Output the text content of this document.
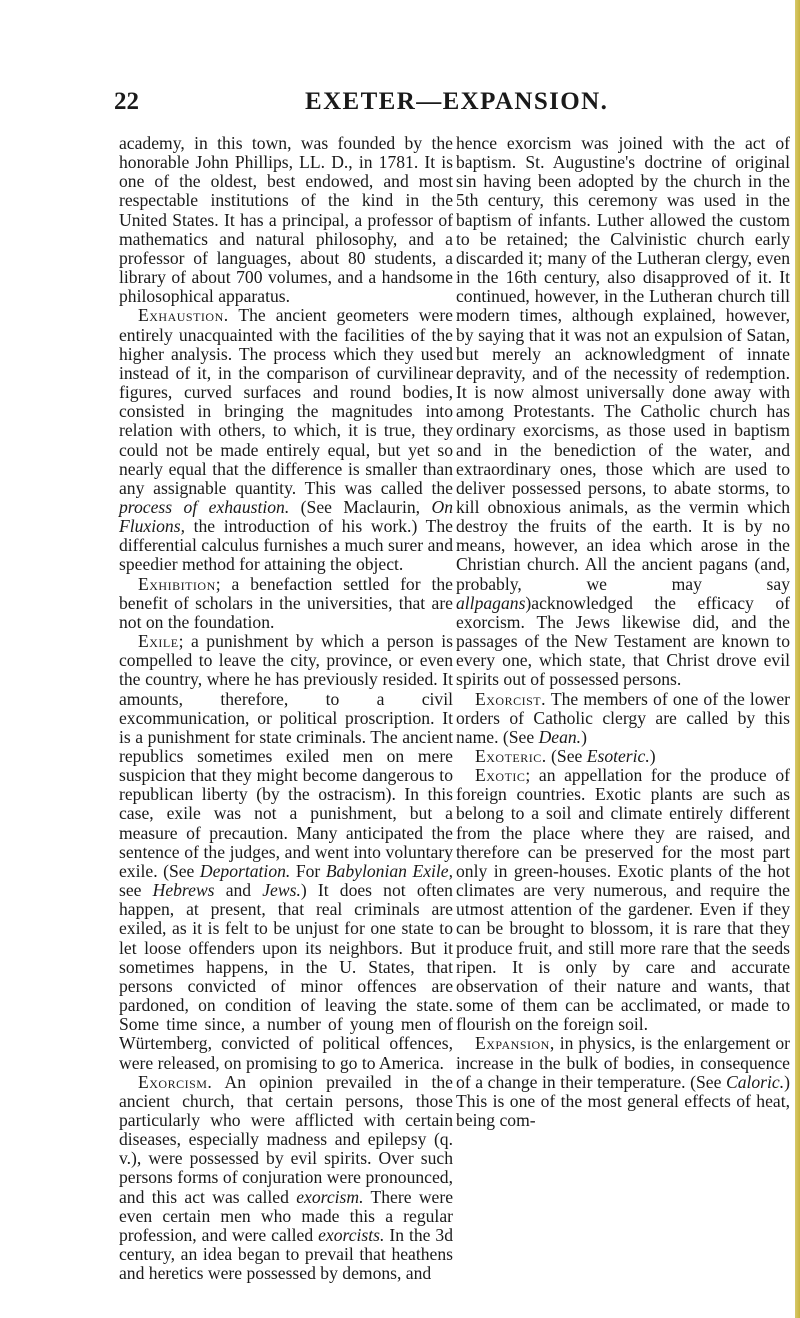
22	EXETER—EXPANSION.

academy, in this town, was founded by the honorable John Phillips, LL. D., in 1781. It is one of the oldest, best endowed, and most respectable institutions of the kind in the United States. It has a principal, a professor of mathematics and natural philosophy, and a professor of languages, about 80 students, a library of about 700 volumes, and a handsome philosophical apparatus.

Exhaustion. The ancient geometers were entirely unacquainted with the facilities of the higher analysis. The process which they used instead of it, in the comparison of curvilinear figures, curved surfaces and round bodies, consisted in bringing the magnitudes into relation with others, to which, it is true, they could not be made entirely equal, but yet so nearly equal that the difference is smaller than any assignable quantity. This was called the process of exhaustion. (See Maclaurin, On Fluxions, the introduction of his work.) The differential calculus furnishes a much surer and speedier method for attaining the object.

Exhibition; a benefaction settled for the benefit of scholars in the universities, that are not on the foundation.

Exile; a punishment by which a person is compelled to leave the city, province, or even the country, where he has previously resided. It amounts, therefore, to a civil excommunication, or political proscription. It is a punishment for state criminals. The ancient republics sometimes exiled men on mere suspicion that they might become dangerous to republican liberty (by the ostracism). In this case, exile was not a punishment, but a measure of precaution. Many anticipated the sentence of the judges, and went into voluntary exile. (See Deportation. For Babylonian Exile, see Hebrews and Jews.) It does not often happen, at present, that real criminals are exiled, as it is felt to be unjust for one state to let loose offenders upon its neighbors. But it sometimes happens, in the U. States, that persons convicted of minor offences are pardoned, on condition of leaving the state. Some time since, a number of young men of Würtemberg, convicted of political offences, were released, on promising to go to America.

Exorcism. An opinion prevailed in the ancient church, that certain persons, those particularly who were afflicted with certain diseases, especially madness and epilepsy (q. v.), were possessed by evil spirits. Over such persons forms of conjuration were pronounced, and this act was called exorcism. There were even certain men who made this a regular profession, and were called exorcists. In the 3d century, an idea began to prevail that heathens and heretics were possessed by demons, and

hence exorcism was joined with the act of baptism. St. Augustine's doctrine of original sin having been adopted by the church in the 5th century, this ceremony was used in the baptism of infants. Luther allowed the custom to be retained; the Calvinistic church early discarded it; many of the Lutheran clergy, even in the 16th century, also disapproved of it. It continued, however, in the Lutheran church till modern times, although explained, however, by saying that it was not an expulsion of Satan, but merely an acknowledgment of innate depravity, and of the necessity of redemption. It is now almost universally done away with among Protestants. The Catholic church has ordinary exorcisms, as those used in baptism and in the benediction of the water, and extraordinary ones, those which are used to deliver possessed persons, to abate storms, to kill obnoxious animals, as the vermin which destroy the fruits of the earth. It is by no means, however, an idea which arose in the Christian church. All the ancient pagans (and, probably, we may say allpagans)acknowledged the efficacy of exorcism. The Jews likewise did, and the passages of the New Testament are known to every one, which state, that Christ drove evil spirits out of possessed persons.

Exorcist. The members of one of the lower orders of Catholic clergy are called by this name. (See Dean.)

Exoteric. (See Esoteric.)

Exotic; an appellation for the produce of foreign countries. Exotic plants are such as belong to a soil and climate entirely different from the place where they are raised, and therefore can be preserved for the most part only in green-houses. Exotic plants of the hot climates are very numerous, and require the utmost attention of the gardener. Even if they can be brought to blossom, it is rare that they produce fruit, and still more rare that the seeds ripen. It is only by care and accurate observation of their nature and wants, that some of them can be acclimated, or made to flourish on the foreign soil.

Expansion, in physics, is the enlargement or increase in the bulk of bodies, in consequence of a change in their temperature. (See Caloric.) This is one of the most general effects of heat, being com-
